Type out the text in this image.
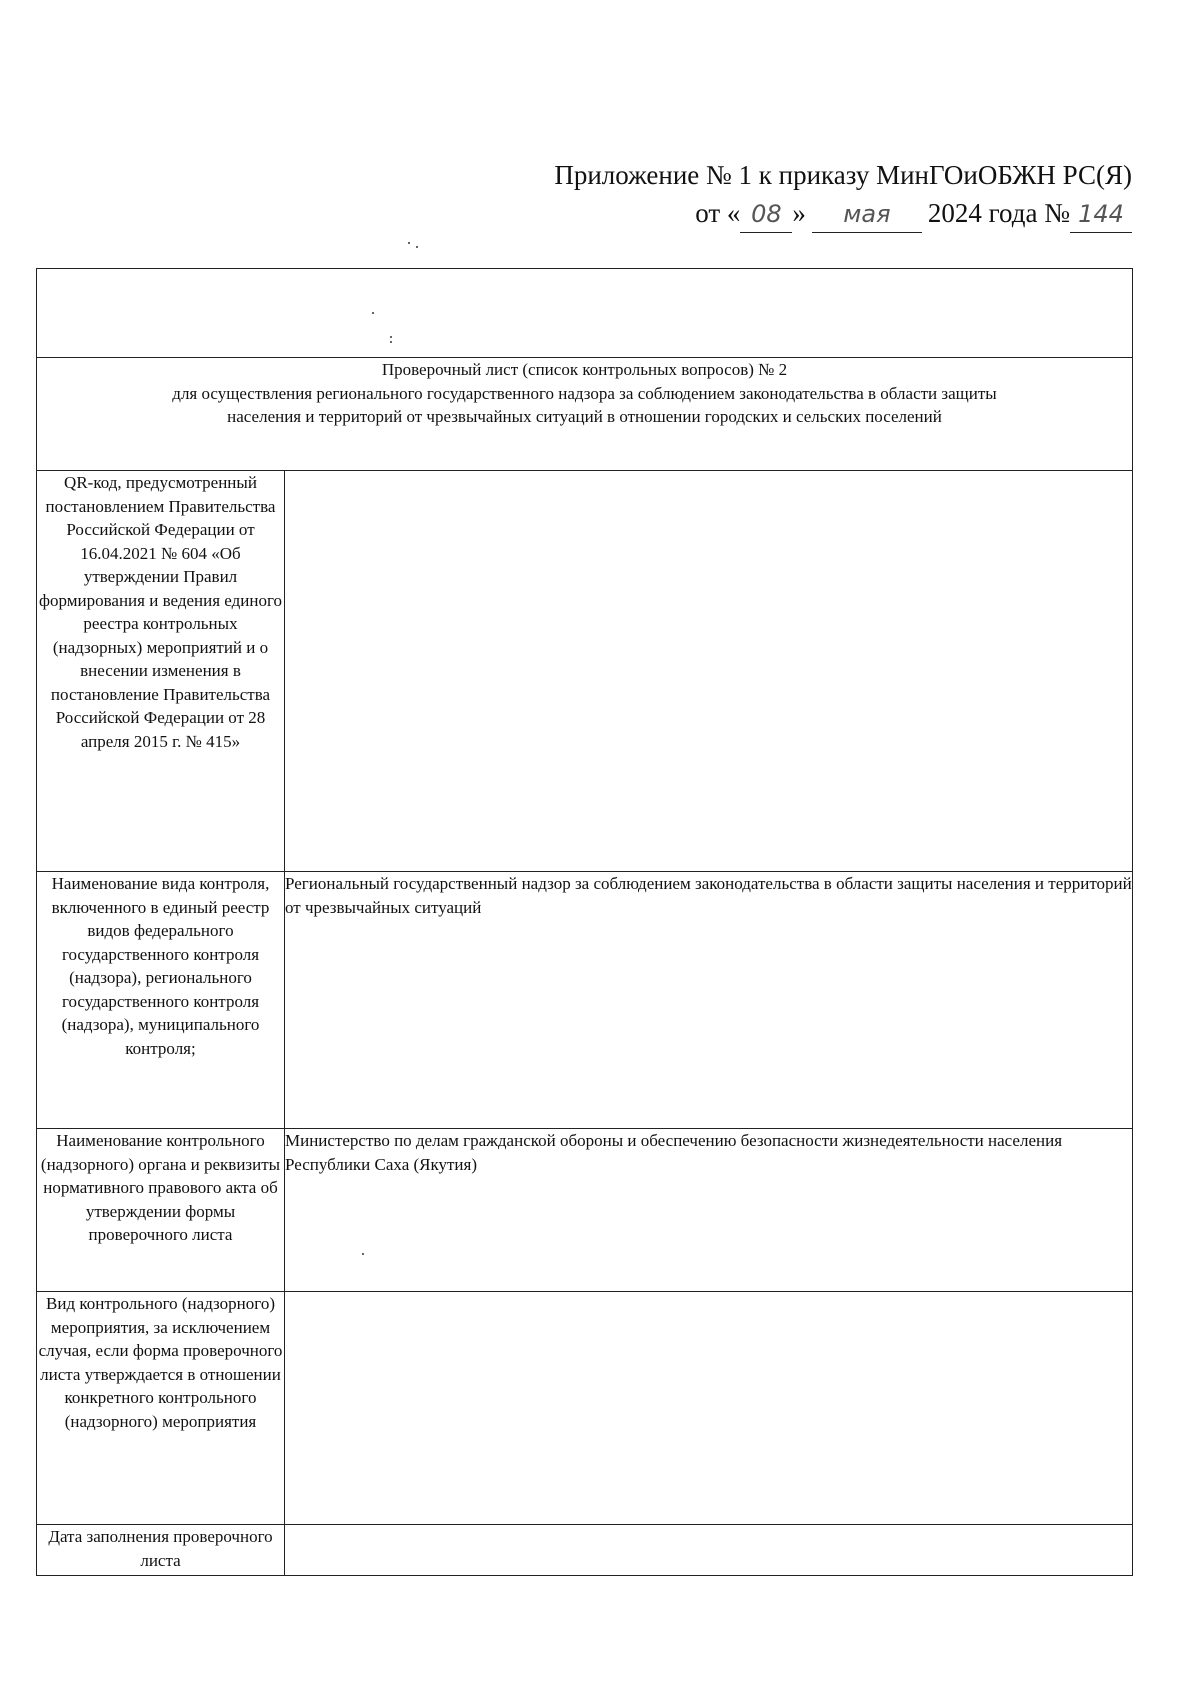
Приложение № 1 к приказу МинГОиОБЖН РС(Я)
от « 08 » мая 2024 года № 144

Проверочный лист (список контрольных вопросов) № 2
для осуществления регионального государственного надзора за соблюдением законодательства в области защиты
населения и территорий от чрезвычайных ситуаций в отношении городских и сельских поселений	

QR-код, предусмотренный постановлением Правительства Российской Федерации от 16.04.2021 № 604 «Об утверждении Правил формирования и ведения единого реестра контрольных (надзорных) мероприятий и о внесении изменения в постановление Правительства Российской Федерации от 28 апреля 2015 г. № 415»	
Наименование вида контроля, включенного в единый реестр видов федерального государственного контроля (надзора), регионального государственного контроля (надзора), муниципального контроля;	Региональный государственный надзор за соблюдением законодательства в области защиты населения и территорий от чрезвычайных ситуаций
Наименование контрольного (надзорного) органа и реквизиты нормативного правового акта об утверждении формы проверочного листа	Министерство по делам гражданской обороны и обеспечению безопасности жизнедеятельности населения Республики Саха (Якутия)
Вид контрольного (надзорного) мероприятия, за исключением случая, если форма проверочного листа утверждается в отношении конкретного контрольного (надзорного) мероприятия	
Дата заполнения проверочного листа	
